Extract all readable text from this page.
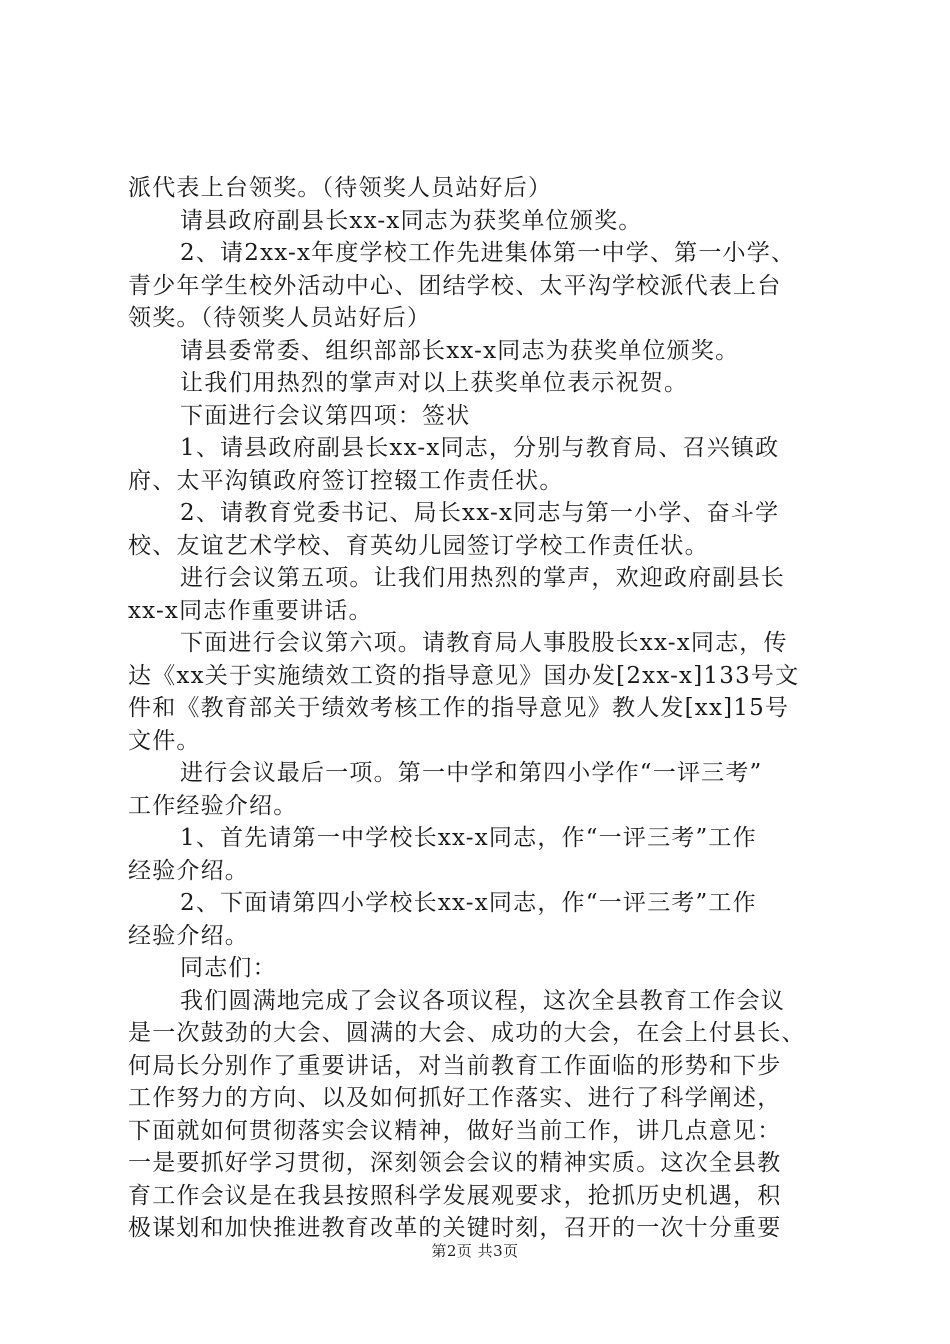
派代表上台领奖。（待领奖人员站好后）
请县政府副县长xx-x同志为获奖单位颁奖。
2、请2xx-x年度学校工作先进集体第一中学、第一小学、
青少年学生校外活动中心、团结学校、太平沟学校派代表上台
领奖。（待领奖人员站好后）
请县委常委、组织部部长xx-x同志为获奖单位颁奖。
让我们用热烈的掌声对以上获奖单位表示祝贺。
下面进行会议第四项：签状
1、请县政府副县长xx-x同志，分别与教育局、召兴镇政
府、太平沟镇政府签订控辍工作责任状。
2、请教育党委书记、局长xx-x同志与第一小学、奋斗学
校、友谊艺术学校、育英幼儿园签订学校工作责任状。
进行会议第五项。让我们用热烈的掌声，欢迎政府副县长
xx-x同志作重要讲话。
下面进行会议第六项。请教育局人事股股长xx-x同志，传
达《xx关于实施绩效工资的指导意见》国办发[2xx-x]133号文
件和《教育部关于绩效考核工作的指导意见》教人发[xx]15号
文件。
进行会议最后一项。第一中学和第四小学作“一评三考”
工作经验介绍。
1、首先请第一中学校长xx-x同志，作“一评三考”工作
经验介绍。
2、下面请第四小学校长xx-x同志，作“一评三考”工作
经验介绍。
同志们：
我们圆满地完成了会议各项议程，这次全县教育工作会议
是一次鼓劲的大会、圆满的大会、成功的大会，在会上付县长、
何局长分别作了重要讲话，对当前教育工作面临的形势和下步
工作努力的方向、以及如何抓好工作落实、进行了科学阐述，
下面就如何贯彻落实会议精神，做好当前工作，讲几点意见：
一是要抓好学习贯彻，深刻领会会议的精神实质。这次全县教
育工作会议是在我县按照科学发展观要求，抢抓历史机遇，积
极谋划和加快推进教育改革的关键时刻，召开的一次十分重要
第2页 共3页
